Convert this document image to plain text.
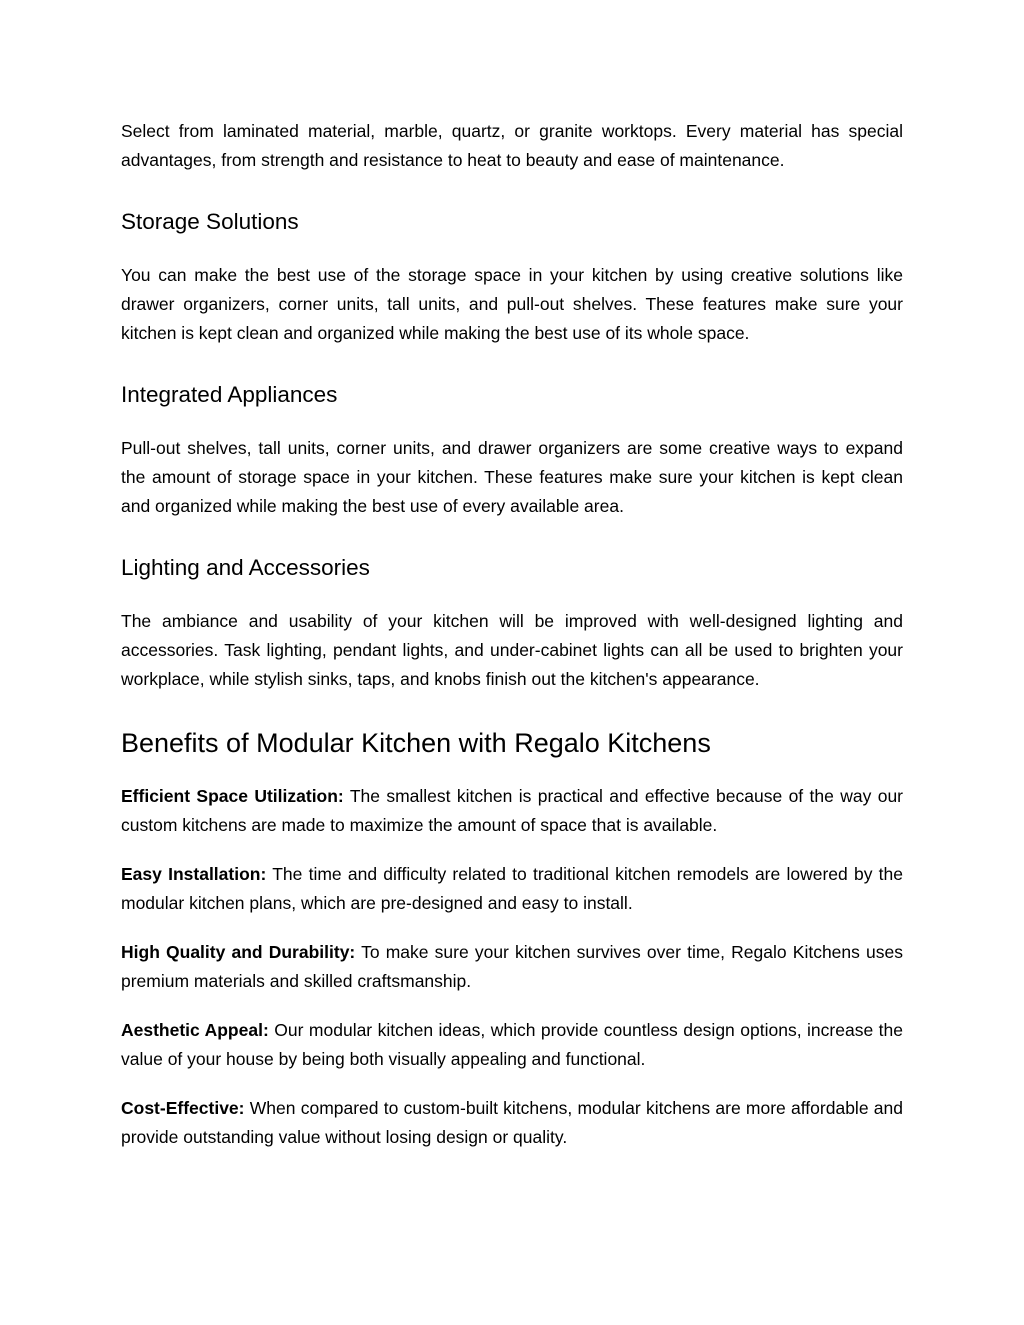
Select from laminated material, marble, quartz, or granite worktops. Every material has special advantages, from strength and resistance to heat to beauty and ease of maintenance.

Storage Solutions

You can make the best use of the storage space in your kitchen by using creative solutions like drawer organizers, corner units, tall units, and pull-out shelves. These features make sure your kitchen is kept clean and organized while making the best use of its whole space.

Integrated Appliances

Pull-out shelves, tall units, corner units, and drawer organizers are some creative ways to expand the amount of storage space in your kitchen. These features make sure your kitchen is kept clean and organized while making the best use of every available area.

Lighting and Accessories

The ambiance and usability of your kitchen will be improved with well-designed lighting and accessories. Task lighting, pendant lights, and under-cabinet lights can all be used to brighten your workplace, while stylish sinks, taps, and knobs finish out the kitchen's appearance.

Benefits of Modular Kitchen with Regalo Kitchens

Efficient Space Utilization: The smallest kitchen is practical and effective because of the way our custom kitchens are made to maximize the amount of space that is available.

Easy Installation: The time and difficulty related to traditional kitchen remodels are lowered by the modular kitchen plans, which are pre-designed and easy to install.

High Quality and Durability: To make sure your kitchen survives over time, Regalo Kitchens uses premium materials and skilled craftsmanship.

Aesthetic Appeal: Our modular kitchen ideas, which provide countless design options, increase the value of your house by being both visually appealing and functional.

Cost-Effective: When compared to custom-built kitchens, modular kitchens are more affordable and provide outstanding value without losing design or quality.
